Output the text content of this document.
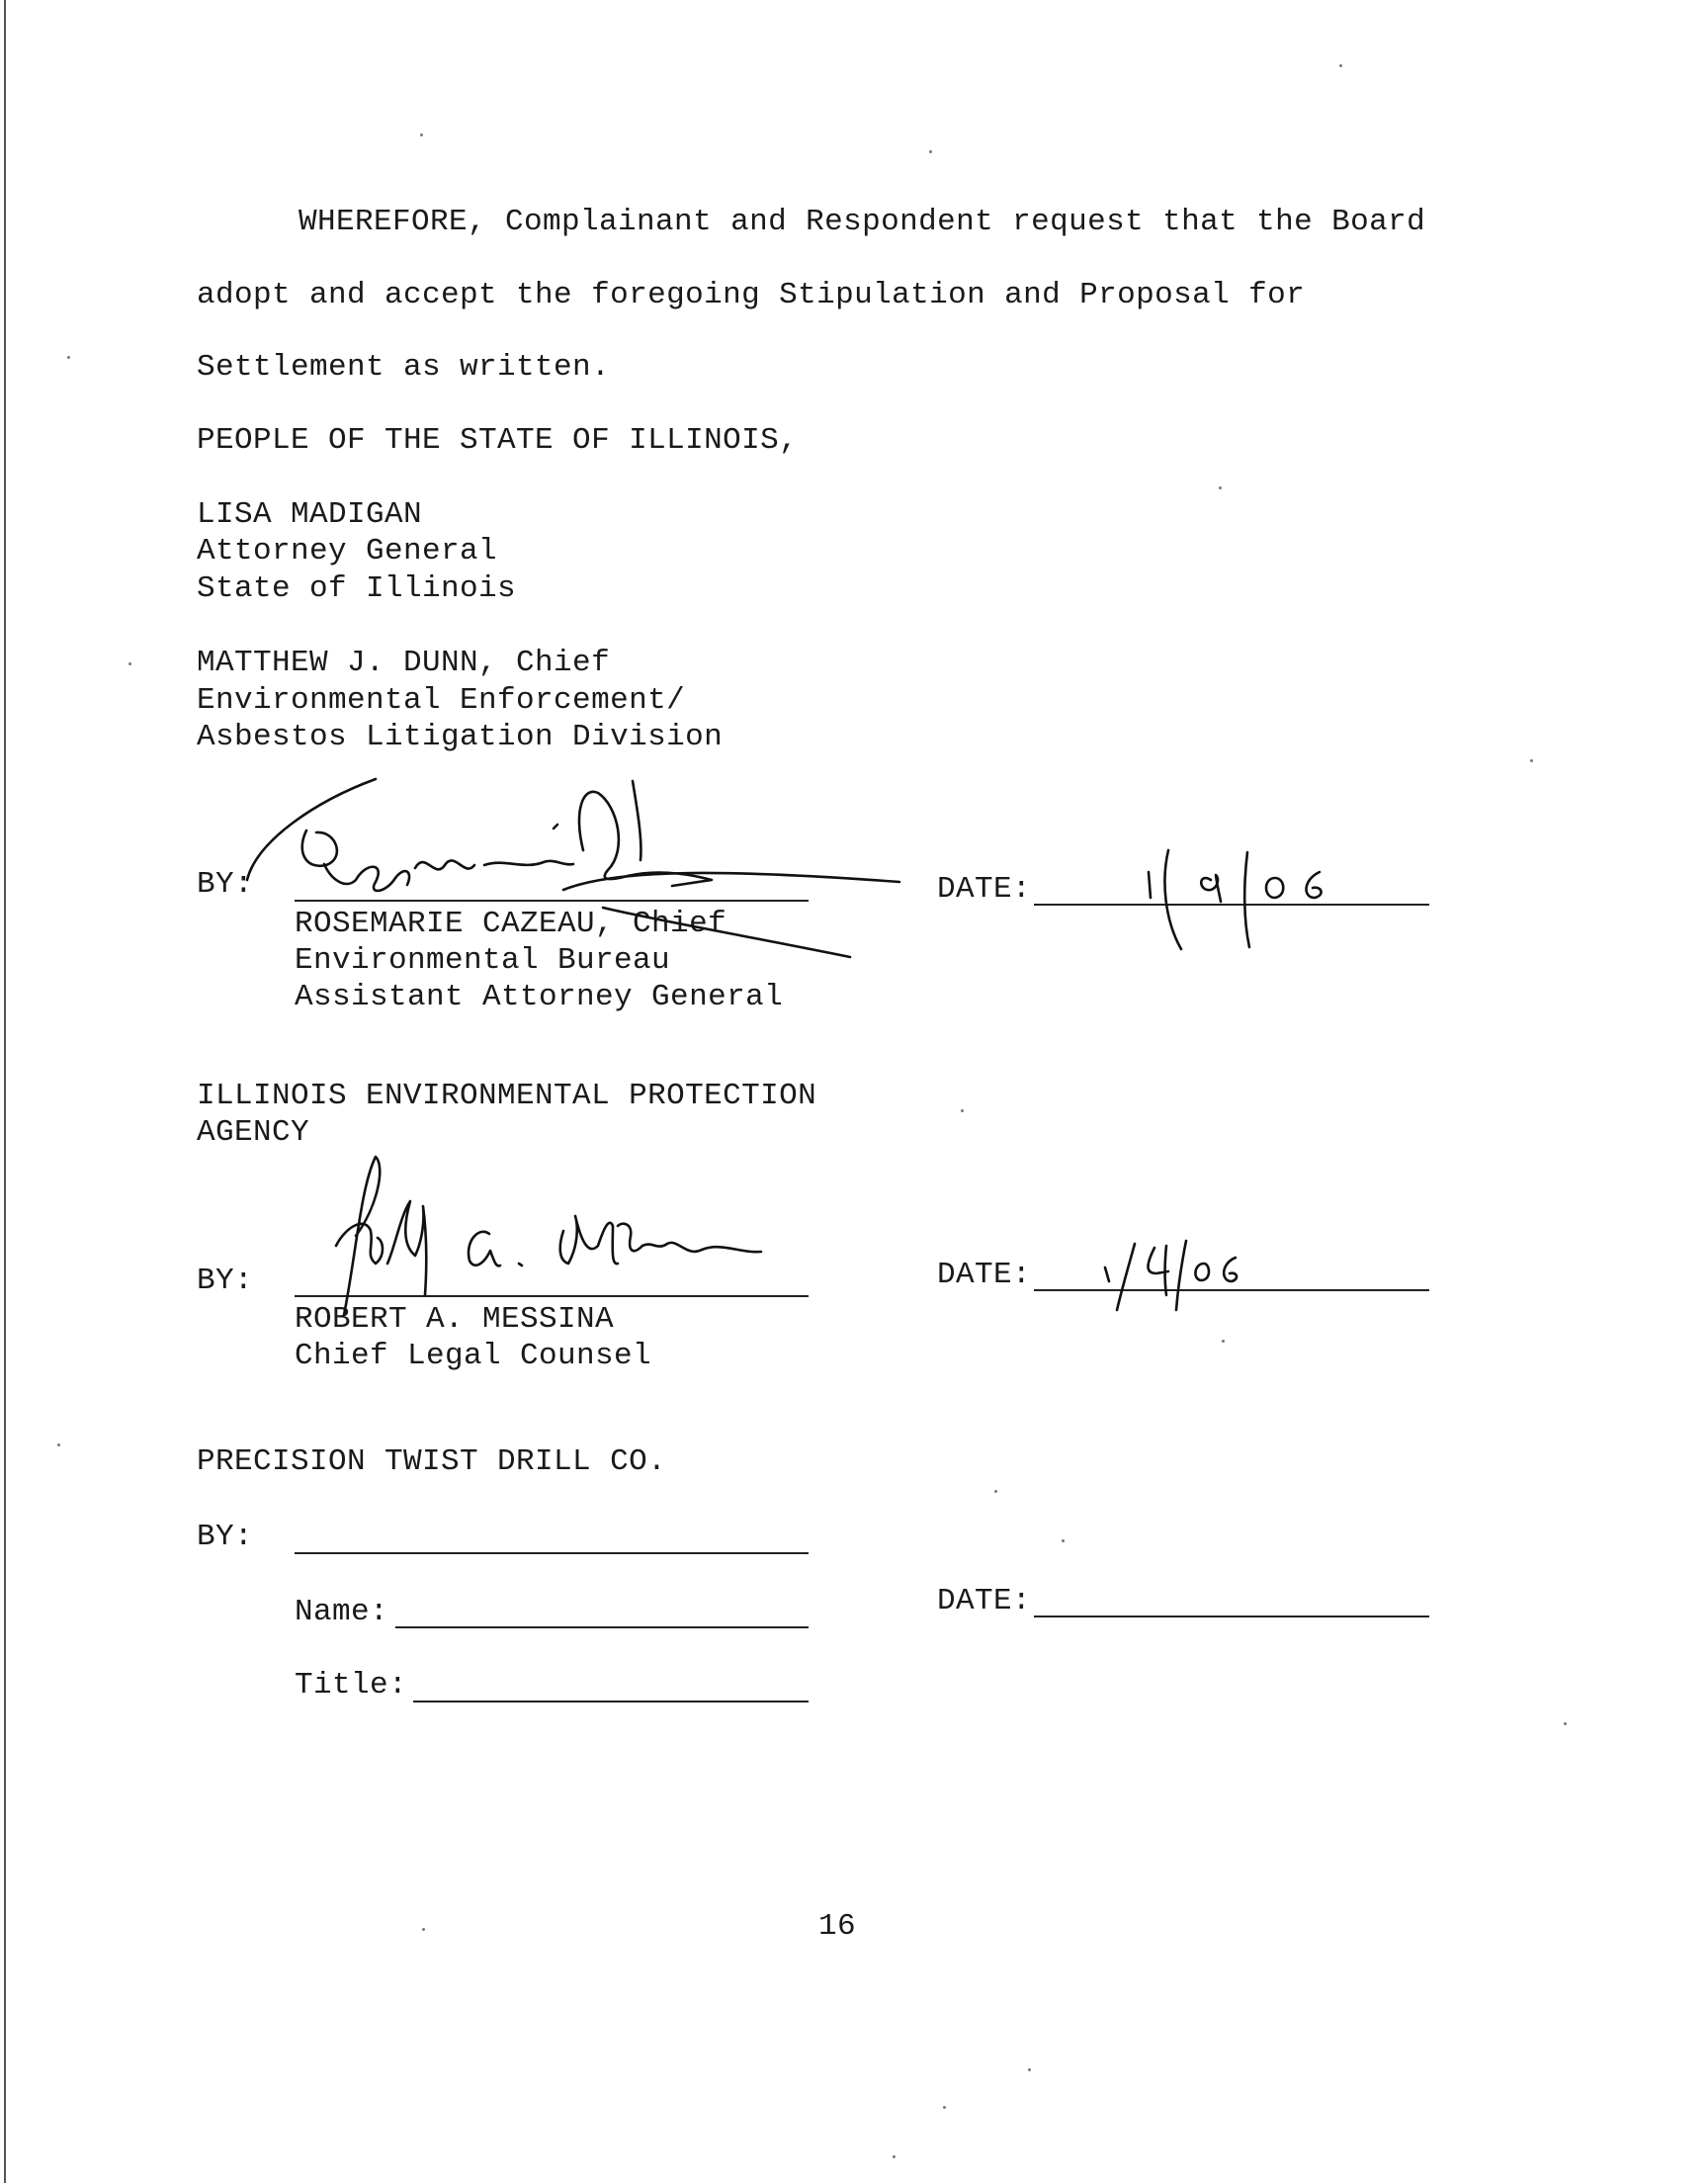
WHEREFORE, Complainant and Respondent request that the Board
adopt and accept the foregoing Stipulation and Proposal for
Settlement as written.
PEOPLE OF THE STATE OF ILLINOIS,
LISA MADIGAN
Attorney General
State of Illinois
MATTHEW J. DUNN, Chief
Environmental Enforcement/
Asbestos Litigation Division
BY:
ROSEMARIE CAZEAU, Chief
Environmental Bureau
Assistant Attorney General
DATE:
ILLINOIS ENVIRONMENTAL PROTECTION
AGENCY
BY:
ROBERT A. MESSINA
Chief Legal Counsel
DATE:
PRECISION TWIST DRILL CO.
BY:
Name:	DATE:
Title:
16
